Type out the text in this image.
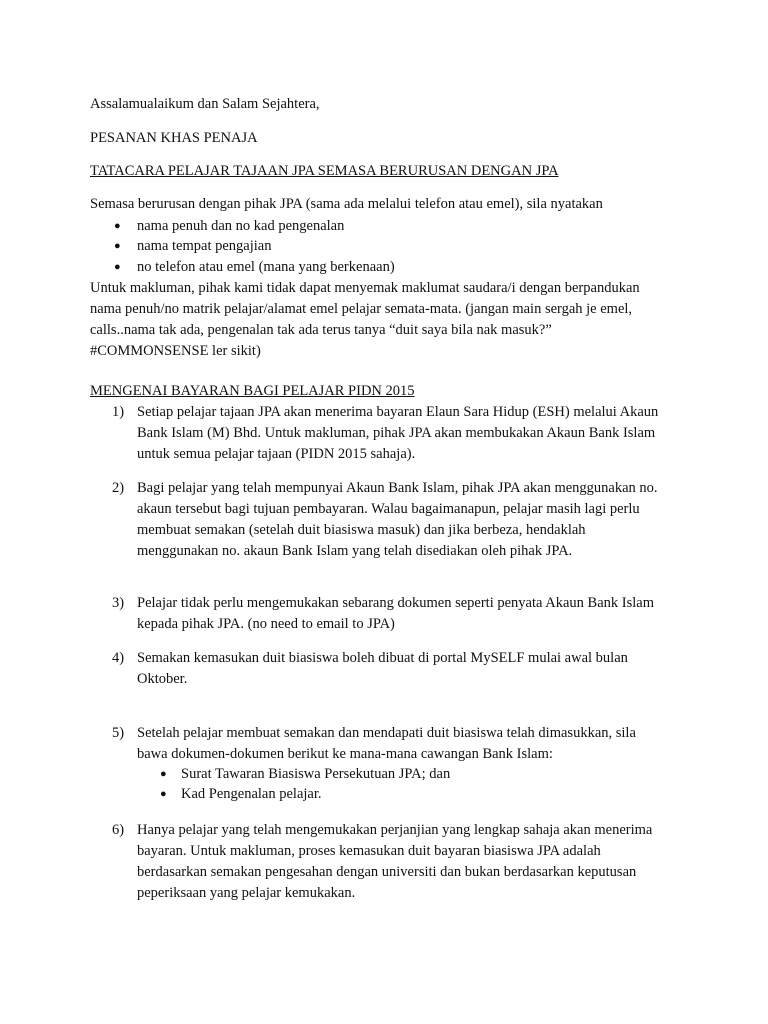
Assalamualaikum dan Salam Sejahtera,

PESANAN KHAS PENAJA

TATACARA PELAJAR TAJAAN JPA SEMASA BERURUSAN DENGAN JPA

Semasa berurusan dengan pihak JPA (sama ada melalui telefon atau emel), sila nyatakan

●	nama penuh dan no kad pengenalan
●	nama tempat pengajian
●	no telefon atau emel (mana yang berkenaan)
Untuk makluman, pihak kami tidak dapat menyemak maklumat saudara/i dengan berpandukan
nama penuh/no matrik pelajar/alamat emel pelajar semata-mata. (jangan main sergah je emel,
calls..nama tak ada, pengenalan tak ada terus tanya “duit saya bila nak masuk?”
#COMMONSENSE ler sikit)

MENGENAI BAYARAN BAGI PELAJAR PIDN 2015

1) Setiap pelajar tajaan JPA akan menerima bayaran Elaun Sara Hidup (ESH) melalui Akaun
Bank Islam (M) Bhd. Untuk makluman, pihak JPA akan membukakan Akaun Bank Islam
untuk semua pelajar tajaan (PIDN 2015 sahaja).
2) Bagi pelajar yang telah mempunyai Akaun Bank Islam, pihak JPA akan menggunakan no.
akaun tersebut bagi tujuan pembayaran. Walau bagaimanapun, pelajar masih lagi perlu
membuat semakan (setelah duit biasiswa masuk) dan jika berbeza, hendaklah
menggunakan no. akaun Bank Islam yang telah disediakan oleh pihak JPA.
3) Pelajar tidak perlu mengemukakan sebarang dokumen seperti penyata Akaun Bank Islam
kepada pihak JPA. (no need to email to JPA)
4) Semakan kemasukan duit biasiswa boleh dibuat di portal MySELF mulai awal bulan
Oktober.
5) Setelah pelajar membuat semakan dan mendapati duit biasiswa telah dimasukkan, sila
bawa dokumen-dokumen berikut ke mana-mana cawangan Bank Islam:
● Surat Tawaran Biasiswa Persekutuan JPA; dan
● Kad Pengenalan pelajar.
6) Hanya pelajar yang telah mengemukakan perjanjian yang lengkap sahaja akan menerima
bayaran. Untuk makluman, proses kemasukan duit bayaran biasiswa JPA adalah
berdasarkan semakan pengesahan dengan universiti dan bukan berdasarkan keputusan
peperiksaan yang pelajar kemukakan.
